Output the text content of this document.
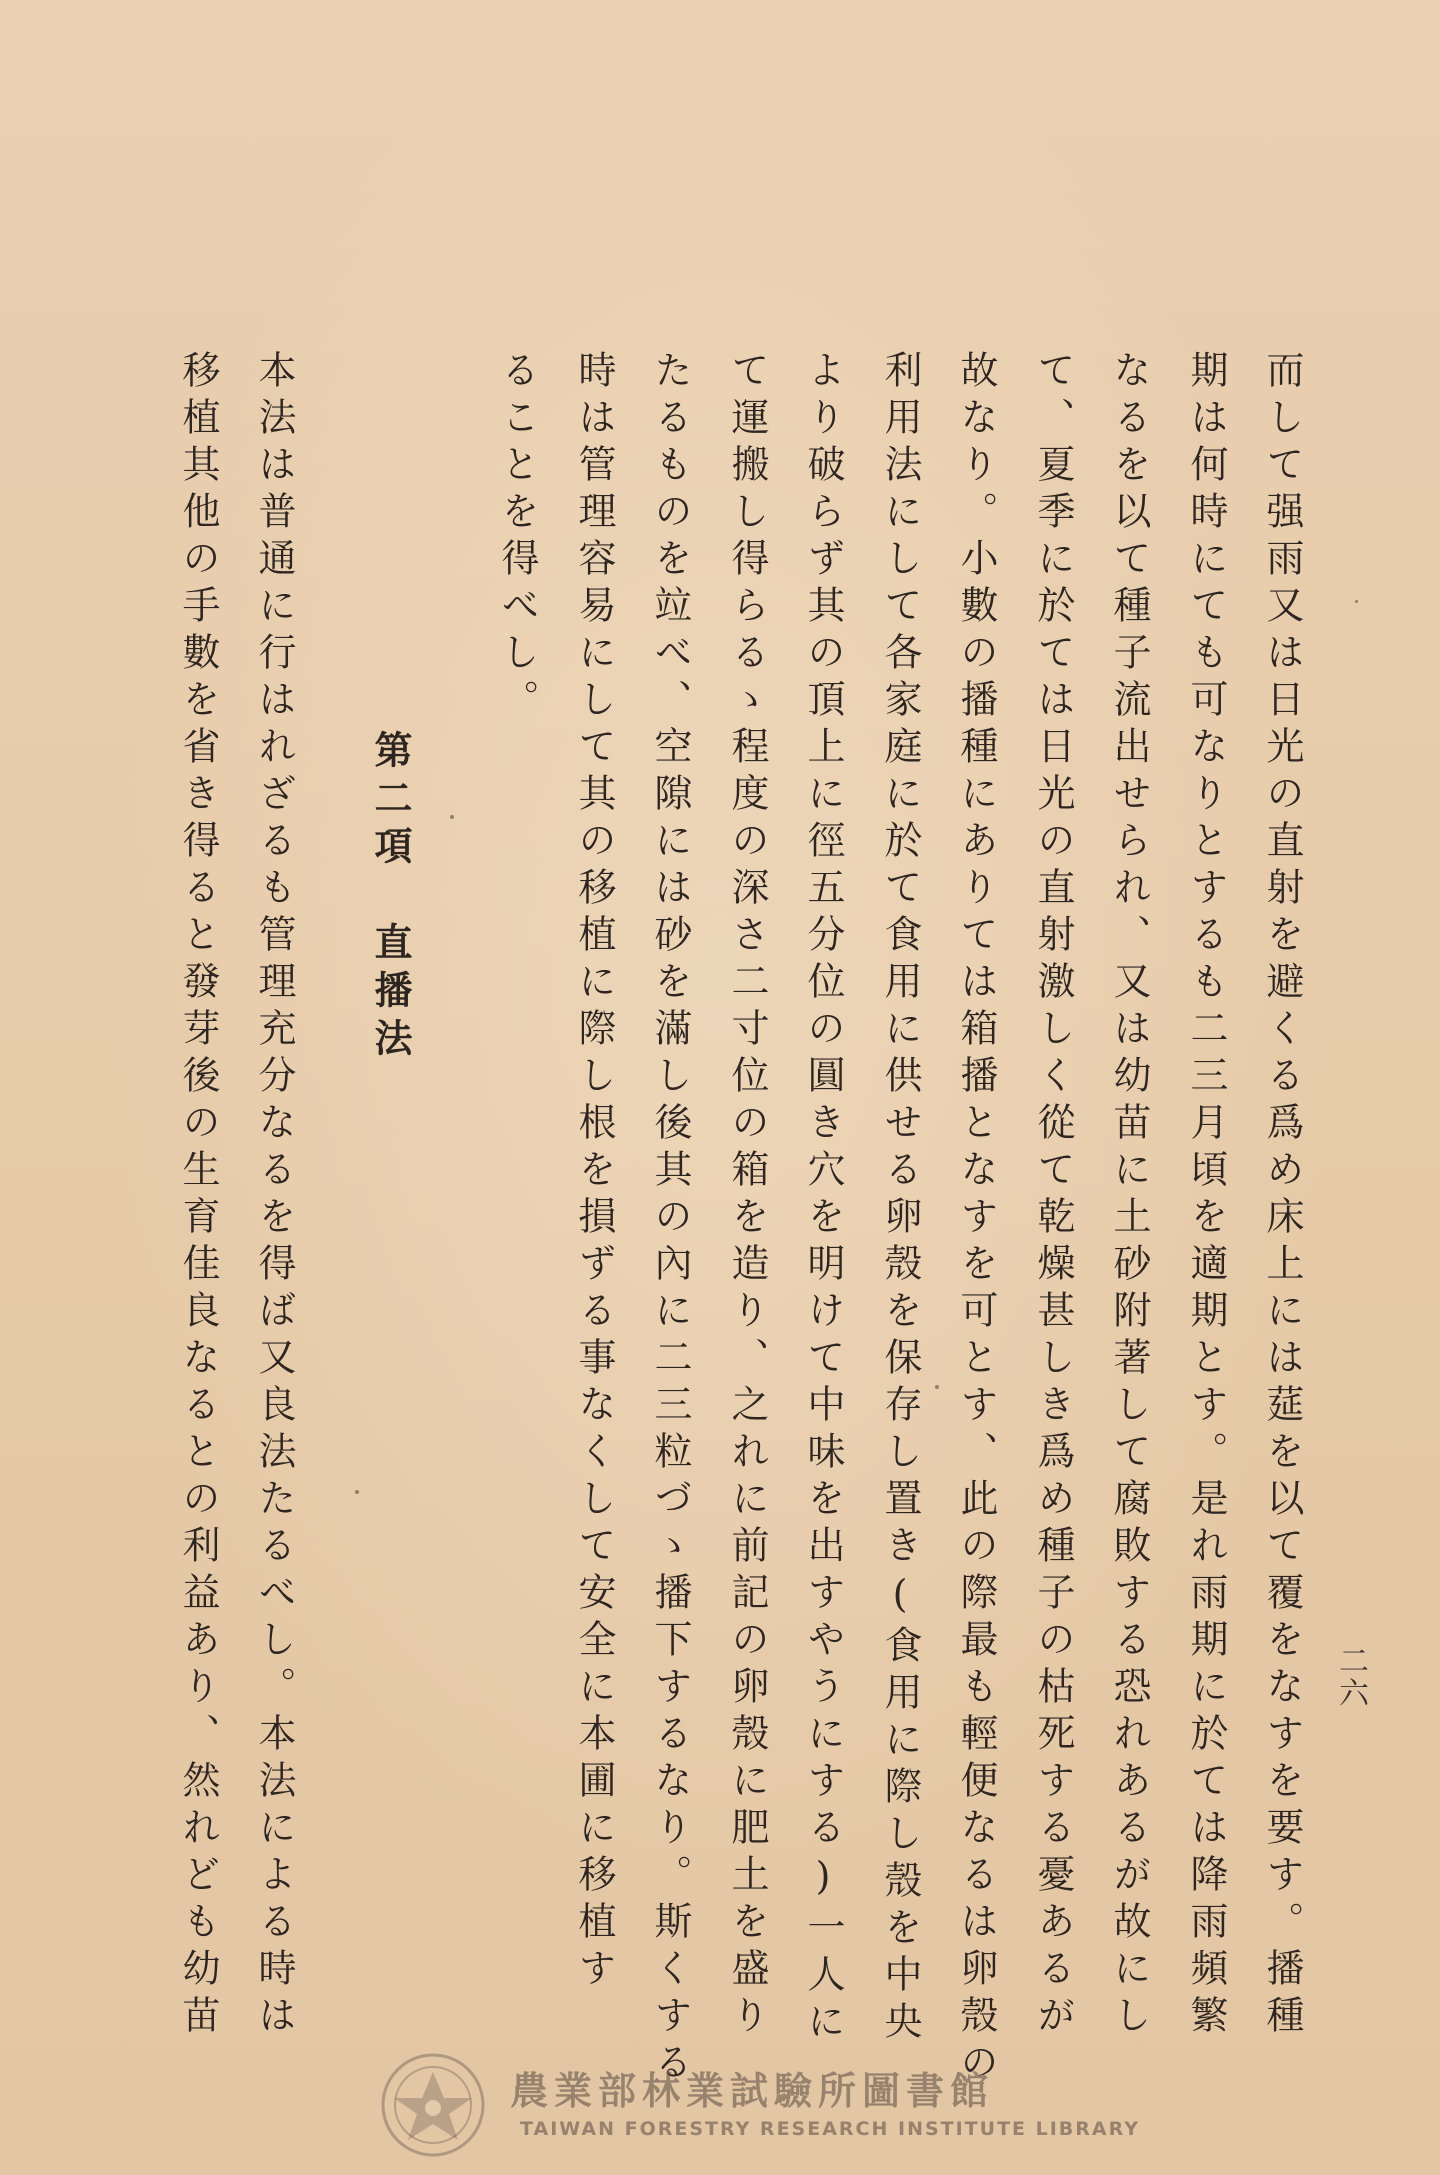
二六
而して强雨又は日光の直射を避くる爲め床上には莚を以て覆をなすを要す。播種
期は何時にても可なりとするも二三月頃を適期とす。是れ雨期に於ては降雨頻繁
なるを以て種子流出せられ、又は幼苗に土砂附著して腐敗する恐れあるが故にし
て、夏季に於ては日光の直射激しく從て乾燥甚しき爲め種子の枯死する憂あるが
故なり。小數の播種にありては箱播となすを可とす、此の際最も輕便なるは卵殼の
利用法にして各家庭に於て食用に供せる卵殼を保存し置き(食用に際し殼を中央
より破らず其の頂上に徑五分位の圓き穴を明けて中味を出すやうにする)一人に
て運搬し得らるゝ程度の深さ二寸位の箱を造り、之れに前記の卵殼に肥土を盛り
たるものを竝べ、空隙には砂を滿し後其の內に二三粒づゝ播下するなり。斯くする
時は管理容易にして其の移植に際し根を損ずる事なくして安全に本圃に移植す
ることを得べし。
第二項　直播法
本法は普通に行はれざるも管理充分なるを得ば又良法たるべし。本法による時は
移植其他の手數を省き得ると發芽後の生育佳良なるとの利益あり、然れども幼苗
農業部林業試驗所圖書館
TAIWAN FORESTRY RESEARCH INSTITUTE LIBRARY
